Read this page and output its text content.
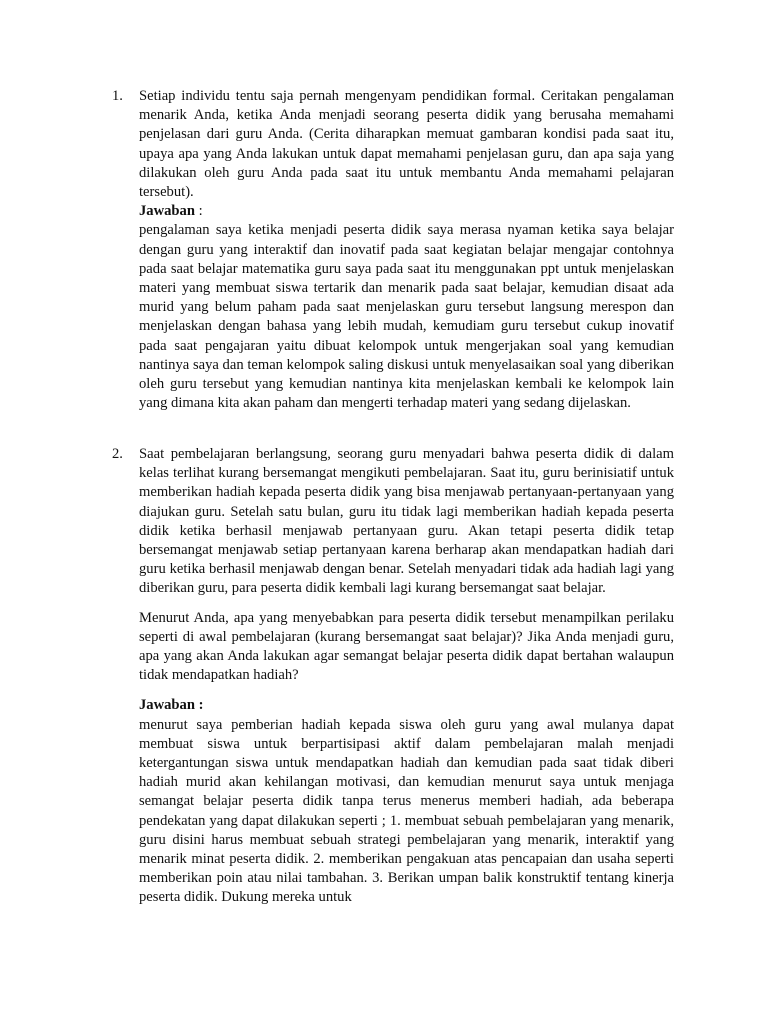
1.	Setiap individu tentu saja pernah mengenyam pendidikan formal. Ceritakan pengalaman menarik Anda, ketika Anda menjadi seorang peserta didik yang berusaha memahami penjelasan dari guru Anda. (Cerita diharapkan memuat gambaran kondisi pada saat itu, upaya apa yang Anda lakukan untuk dapat memahami penjelasan guru, dan apa saja yang dilakukan oleh guru Anda pada saat itu untuk membantu Anda memahami pelajaran tersebut).

Jawaban :

pengalaman saya ketika menjadi peserta didik saya merasa nyaman ketika saya belajar dengan guru yang interaktif dan inovatif pada saat kegiatan belajar mengajar contohnya pada saat belajar matematika guru saya pada saat itu menggunakan ppt untuk menjelaskan materi yang membuat siswa tertarik dan menarik pada saat belajar, kemudian disaat ada murid yang belum paham pada saat menjelaskan guru tersebut langsung merespon dan menjelaskan dengan bahasa yang lebih mudah, kemudiam guru tersebut cukup inovatif pada saat pengajaran yaitu dibuat kelompok untuk mengerjakan soal yang kemudian nantinya saya dan teman kelompok saling diskusi untuk menyelasaikan soal yang diberikan oleh guru tersebut yang kemudian nantinya kita menjelaskan kembali ke kelompok lain yang dimana kita akan paham dan mengerti terhadap materi yang sedang dijelaskan.

2.	Saat pembelajaran berlangsung, seorang guru menyadari bahwa peserta didik di dalam kelas terlihat kurang bersemangat mengikuti pembelajaran. Saat itu, guru berinisiatif untuk memberikan hadiah kepada peserta didik yang bisa menjawab pertanyaan-pertanyaan yang diajukan guru. Setelah satu bulan, guru itu tidak lagi memberikan hadiah kepada peserta didik ketika berhasil menjawab pertanyaan guru. Akan tetapi peserta didik tetap bersemangat menjawab setiap pertanyaan karena berharap akan mendapatkan hadiah dari guru ketika berhasil menjawab dengan benar. Setelah menyadari tidak ada hadiah lagi yang diberikan guru, para peserta didik kembali lagi kurang bersemangat saat belajar.

Menurut Anda, apa yang menyebabkan para peserta didik tersebut menampilkan perilaku seperti di awal pembelajaran (kurang bersemangat saat belajar)? Jika Anda menjadi guru, apa yang akan Anda lakukan agar semangat belajar peserta didik dapat bertahan walaupun tidak mendapatkan hadiah?

Jawaban :

menurut saya pemberian hadiah kepada siswa oleh guru yang awal mulanya dapat membuat siswa untuk berpartisipasi aktif dalam pembelajaran malah menjadi ketergantungan siswa untuk mendapatkan hadiah dan kemudian pada saat tidak diberi hadiah murid akan kehilangan motivasi, dan kemudian menurut saya untuk menjaga semangat belajar peserta didik tanpa terus menerus memberi hadiah, ada beberapa pendekatan yang dapat dilakukan seperti ; 1. membuat sebuah pembelajaran yang menarik, guru disini harus membuat sebuah strategi pembelajaran yang menarik, interaktif yang menarik minat peserta didik. 2. memberikan pengakuan atas pencapaian dan usaha seperti memberikan poin atau nilai tambahan. 3. Berikan umpan balik konstruktif tentang kinerja peserta didik. Dukung mereka untuk
